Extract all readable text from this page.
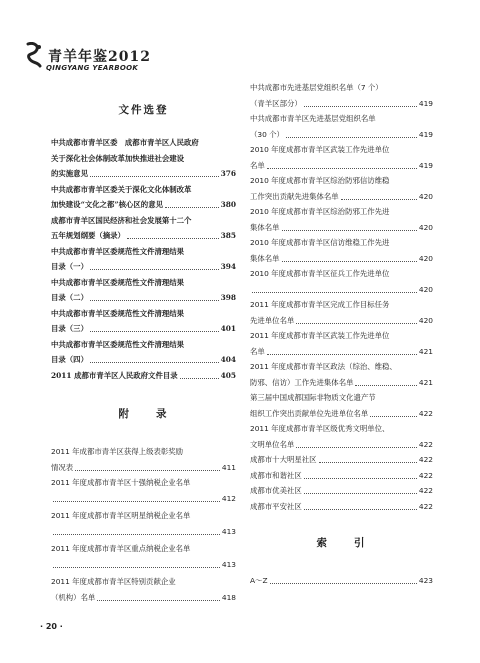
青羊年鉴2012
QINGYANG YEARBOOK
文件选登
中共成都市青羊区委　成都市青羊区人民政府
关于深化社会体制改革加快推进社会建设
的实施意见	376
中共成都市青羊区委关于深化文化体制改革
加快建设“文化之都”核心区的意见	380
成都市青羊区国民经济和社会发展第十二个
五年规划纲要（摘录）	385
中共成都市青羊区委规范性文件清理结果
目录（一）	394
中共成都市青羊区委规范性文件清理结果
目录（二）	398
中共成都市青羊区委规范性文件清理结果
目录（三）	401
中共成都市青羊区委规范性文件清理结果
目录（四）	404
2011 成都市青羊区人民政府文件目录	405
附　　录
2011 年成都市青羊区获得上级表彰奖励
情况表	411
2011 年度成都市青羊区十强纳税企业名单
412
2011 年度成都市青羊区明星纳税企业名单
413
2011 年度成都市青羊区重点纳税企业名单
413
2011 年度成都市青羊区特别贡献企业
（机构）名单	418
中共成都市先进基层党组织名单（7 个）
（青羊区部分）	419
中共成都市青羊区先进基层党组织名单
（30 个）	419
2010 年度成都市青羊区武装工作先进单位
名单	419
2010 年度成都市青羊区综治防邪信访维稳
工作突出贡献先进集体名单	420
2010 年度成都市青羊区综治防邪工作先进
集体名单	420
2010 年度成都市青羊区信访维稳工作先进
集体名单	420
2010 年度成都市青羊区征兵工作先进单位
420
2011 年度成都市青羊区完成工作目标任务
先进单位名单	420
2011 年度成都市青羊区武装工作先进单位
名单	421
2011 年度成都市青羊区政法（综治、维稳、
防邪、信访）工作先进集体名单	421
第三届中国成都国际非物质文化遗产节
组织工作突出贡献单位先进单位名单	422
2011 年度成都市青羊区级优秀文明单位、
文明单位名单	422
成都市十大明星社区	422
成都市和谐社区	422
成都市优美社区	422
成都市平安社区	422
索　　引
A～Z	423
· 20 ·
